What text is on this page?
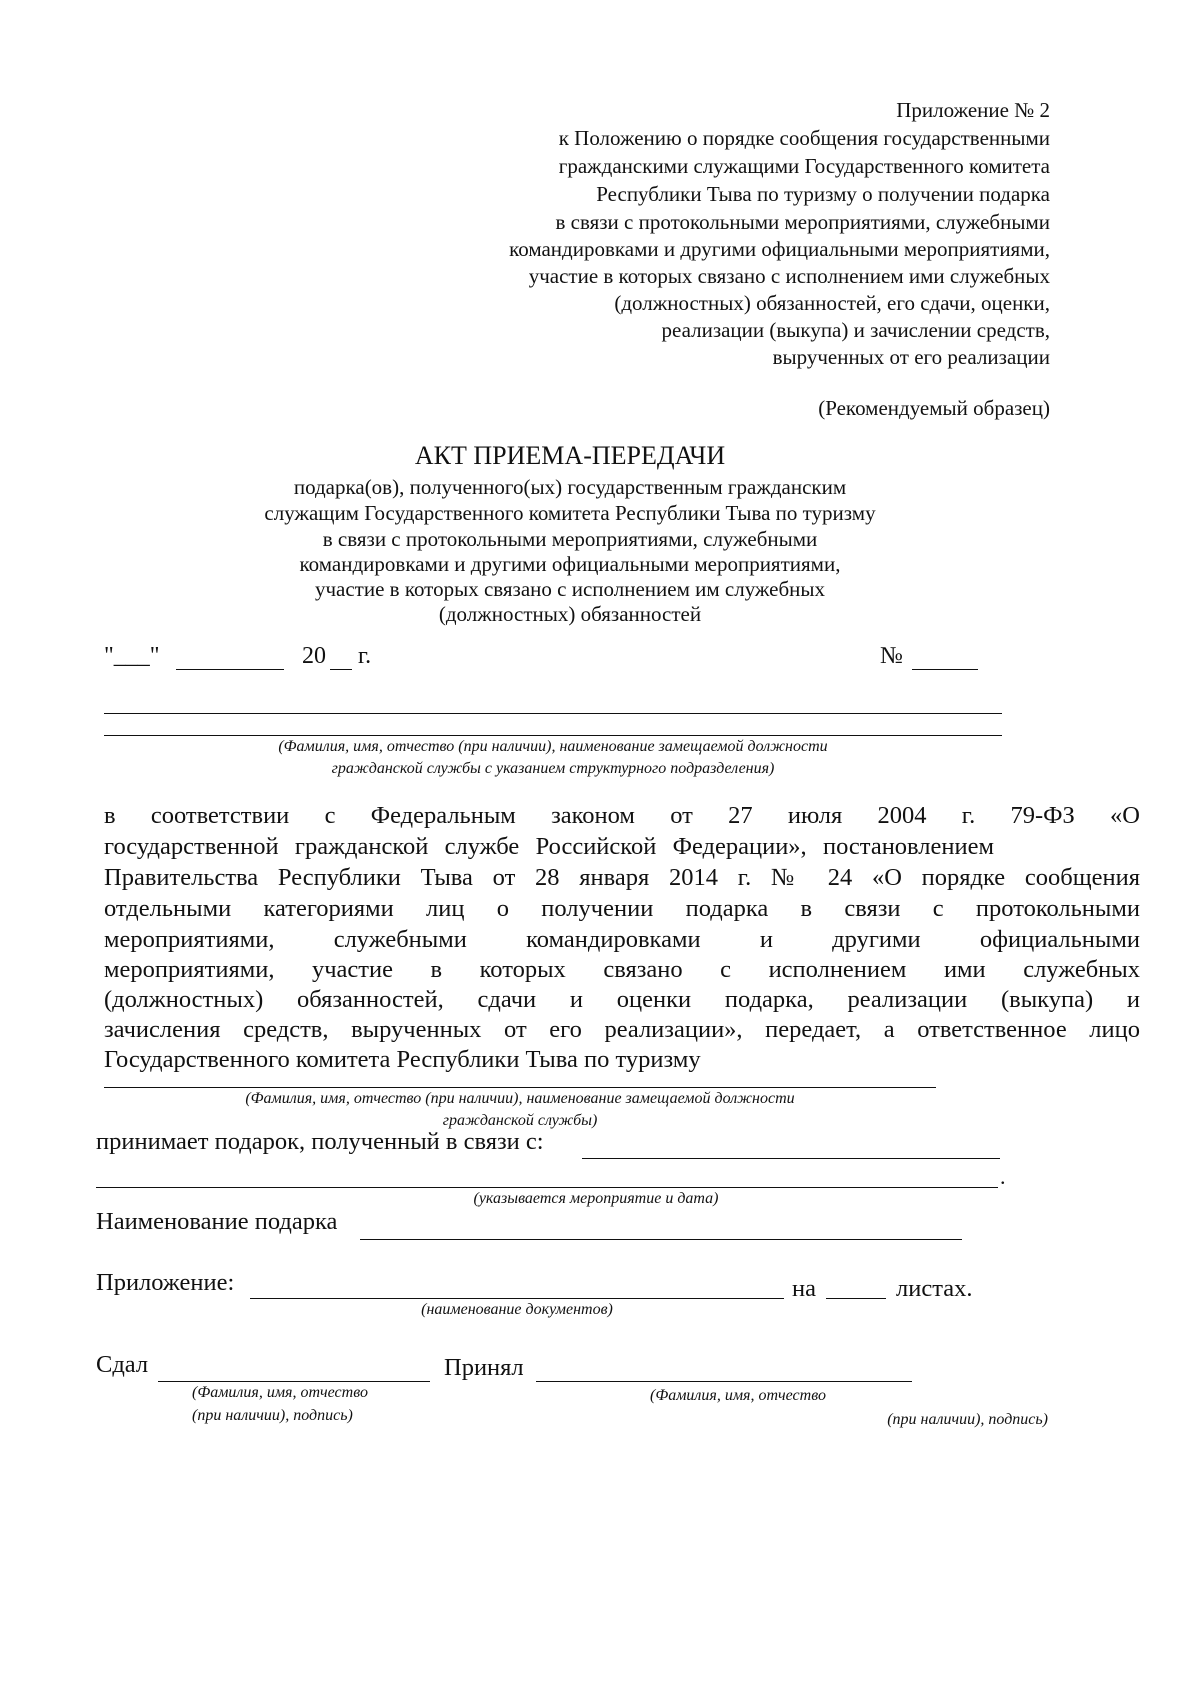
Приложение № 2
к Положению о порядке сообщения государственными
гражданскими служащими Государственного комитета
Республики Тыва по туризму о получении подарка
в связи с протокольными мероприятиями, служебными
командировками и другими официальными мероприятиями,
участие в которых связано с исполнением ими служебных
(должностных) обязанностей, его сдачи, оценки,
реализации (выкупа) и зачислении средств,
вырученных от его реализации
(Рекомендуемый образец)
АКТ ПРИЕМА-ПЕРЕДАЧИ
подарка(ов), полученного(ых) государственным гражданским
служащим Государственного комитета Республики Тыва по туризму
в связи с протокольными мероприятиями, служебными
командировками и другими официальными мероприятиями,
участие в которых связано с исполнением им служебных
(должностных) обязанностей
"___"	20 г.	№
(Фамилия, имя, отчество (при наличии), наименование замещаемой должности
гражданской службы с указанием структурного подразделения)
в соответствии с Федеральным законом от 27 июля 2004 г. 79-ФЗ «О
государственной гражданской службе Российской Федерации», постановлением
Правительства Республики Тыва от 28 января 2014 г. № 24 «О порядке сообщения
отдельными категориями лиц о получении подарка в связи с протокольными
мероприятиями, служебными командировками и другими официальными
мероприятиями, участие в которых связано с исполнением ими служебных
(должностных) обязанностей, сдачи и оценки подарка, реализации (выкупа) и
зачисления средств, вырученных от его реализации», передает, а ответственное лицо
Государственного комитета Республики Тыва по туризму
(Фамилия, имя, отчество (при наличии), наименование замещаемой должности
гражданской службы)
принимает подарок, полученный в связи с:
.
(указывается мероприятие и дата)
Наименование подарка
Приложение:	на	листах.
(наименование документов)
Сдал	Принял
(Фамилия, имя, отчество
(при наличии), подпись)
(Фамилия, имя, отчество
(при наличии), подпись)
